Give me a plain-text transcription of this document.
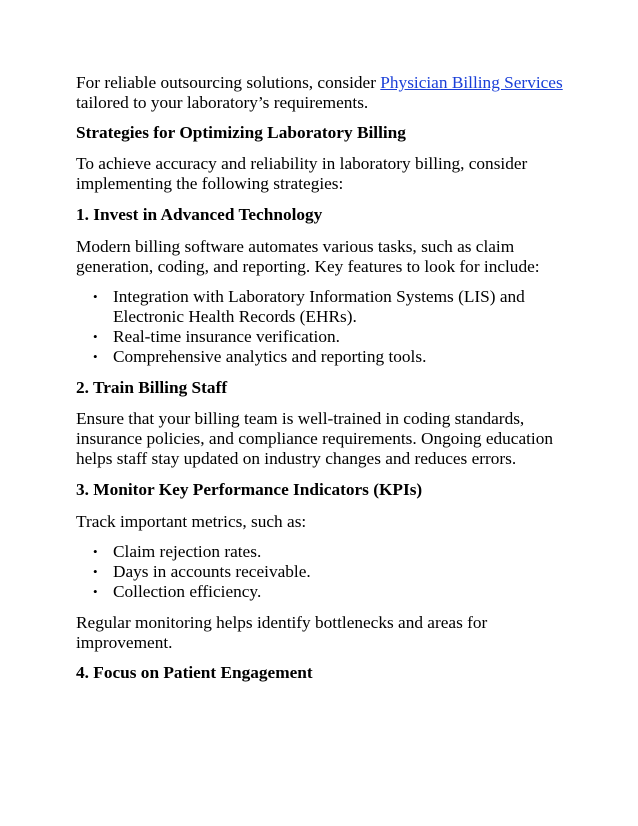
For reliable outsourcing solutions, consider Physician Billing Services tailored to your laboratory’s requirements.

Strategies for Optimizing Laboratory Billing

To achieve accuracy and reliability in laboratory billing, consider implementing the following strategies:

1. Invest in Advanced Technology

Modern billing software automates various tasks, such as claim generation, coding, and reporting. Key features to look for include:

• Integration with Laboratory Information Systems (LIS) and Electronic Health Records (EHRs).
• Real-time insurance verification.
• Comprehensive analytics and reporting tools.

2. Train Billing Staff

Ensure that your billing team is well-trained in coding standards, insurance policies, and compliance requirements. Ongoing education helps staff stay updated on industry changes and reduces errors.

3. Monitor Key Performance Indicators (KPIs)

Track important metrics, such as:

• Claim rejection rates.
• Days in accounts receivable.
• Collection efficiency.

Regular monitoring helps identify bottlenecks and areas for improvement.

4. Focus on Patient Engagement
